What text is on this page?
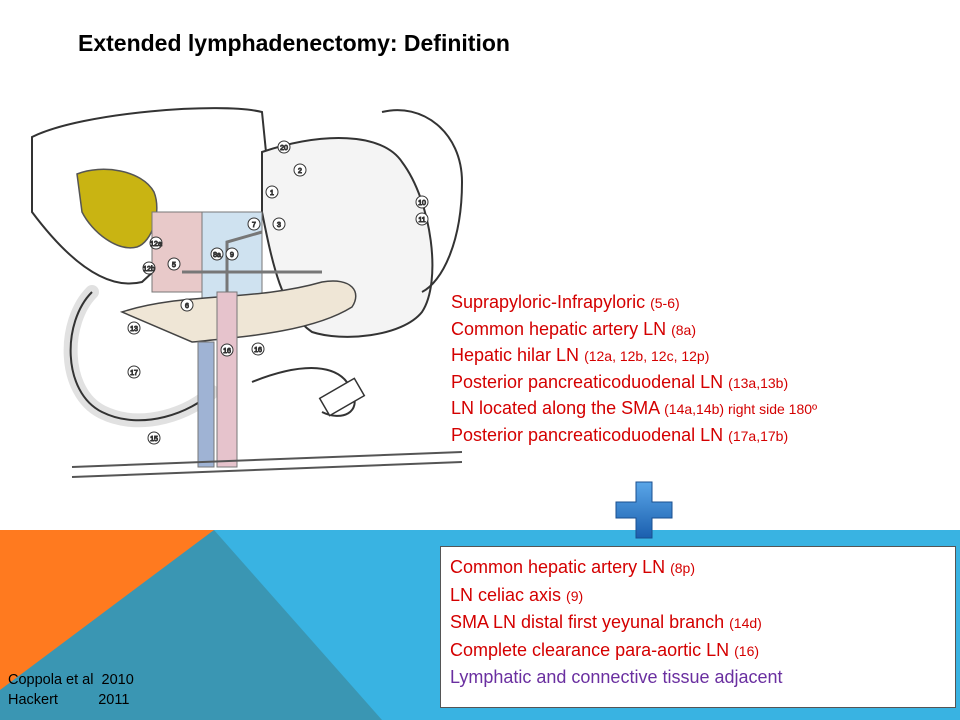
Extended lymphadenectomy: Definition
1
2
3
7
8a 9
5
6
12a
12b
13
16	16
17
15
10
11
20
Suprapyloric-Infrapyloric (5-6)
Common hepatic artery LN (8a)
Hepatic hilar LN (12a, 12b, 12c, 12p)
Posterior pancreaticoduodenal LN (13a,13b)
LN located along the SMA (14a,14b) right side 180º
Posterior pancreaticoduodenal LN (17a,17b)
Common hepatic artery LN (8p)
LN celiac axis (9)
SMA LN distal first yeyunal branch (14d)
Complete clearance para-aortic LN (16)
Lymphatic and connective tissue adjacent
Coppola et al  2010
Hackert          2011
